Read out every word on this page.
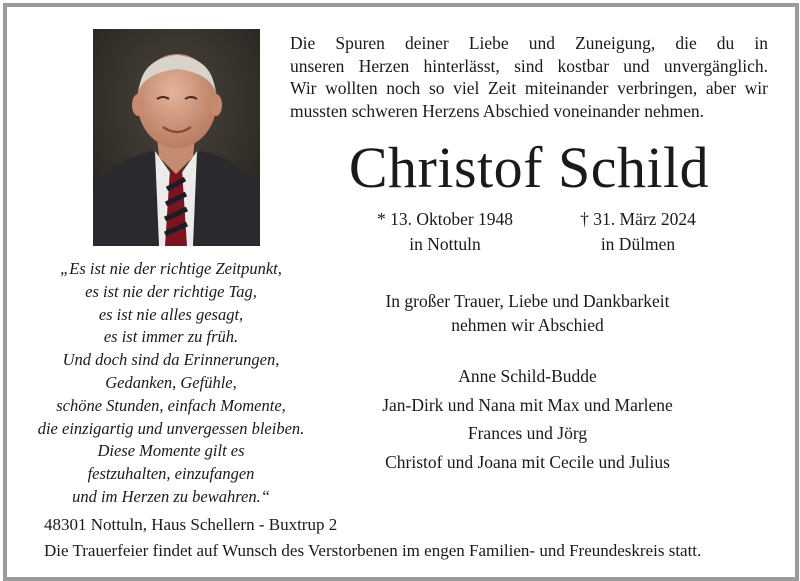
Die Spuren deiner Liebe und Zuneigung, die du in
unseren Herzen hinterlässt, sind kostbar und unvergänglich.
Wir wollten noch so viel Zeit miteinander verbringen, aber wir
mussten schweren Herzens Abschied voneinander nehmen.
Christof Schild
* 13. Oktober 1948
in Nottuln
† 31. März 2024
in Dülmen
„Es ist nie der richtige Zeitpunkt,
es ist nie der richtige Tag,
es ist nie alles gesagt,
es ist immer zu früh.
Und doch sind da Erinnerungen,
Gedanken, Gefühle,
schöne Stunden, einfach Momente,
die einzigartig und unvergessen bleiben.
Diese Momente gilt es
festzuhalten, einzufangen
und im Herzen zu bewahren.“
In großer Trauer, Liebe und Dankbarkeit
nehmen wir Abschied
Anne Schild-Budde
Jan-Dirk und Nana mit Max und Marlene
Frances und Jörg
Christof und Joana mit Cecile und Julius
48301 Nottuln, Haus Schellern - Buxtrup 2
Die Trauerfeier findet auf Wunsch des Verstorbenen im engen Familien- und Freundeskreis statt.
